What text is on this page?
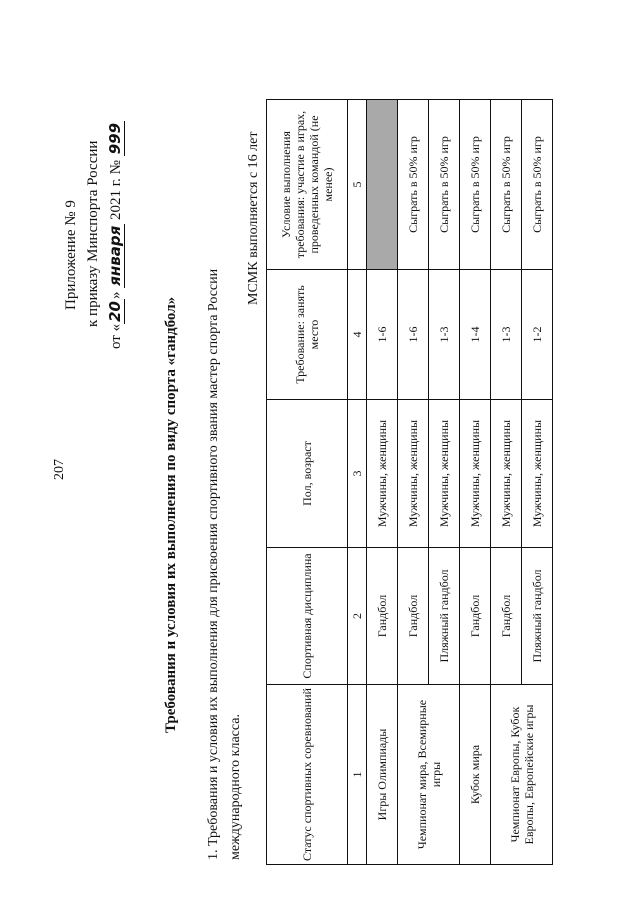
207
Приложение № 9 к приказу Минспорта России
от «20» января 2021 г. № 999
Требования и условия их выполнения по виду спорта «гандбол» 1. Требования и условия их выполнения для присвоения спортивного звания мастер спорта России международного класса.
МСМК выполняется с 16 лет
Статус спортивных соревнований	Спортивная дисциплина	Пол, возраст	Требование: занять место	Условие выполнения требования: участие в играх, проведенных командой (не менее)
1	2	3	4	5
Игры Олимпиады	Гандбол	Мужчины, женщины	1-6	
Чемпионат мира, Всемирные игры	Гандбол	Мужчины, женщины	1-6	Сыграть в 50% игр
	Пляжный гандбол	Мужчины, женщины	1-3	Сыграть в 50% игр
Кубок мира	Гандбол	Мужчины, женщины	1-4	Сыграть в 50% игр
Чемпионат Европы, Кубок Европы, Европейские игры	Гандбол	Мужчины, женщины	1-3	Сыграть в 50% игр
	Пляжный гандбол	Мужчины, женщины	1-2	Сыграть в 50% игр
